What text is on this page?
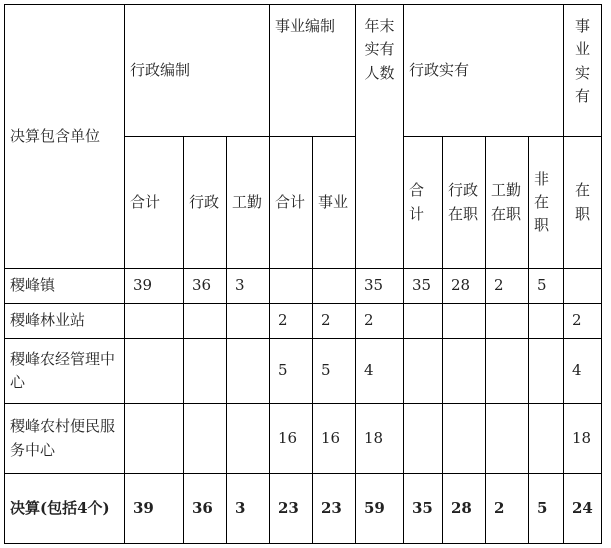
决算包含单位	行政编制			事业编制		年末实有人数	行政实有				事业实有
	合计	行政	工勤	合计	事业		合计	行政在职	工勤在职	非在职	在职
稷峰镇	39	36	3			35	35	28	2	5	
稷峰林业站				2	2	2					2
稷峰农经管理中心				5	5	4					4
稷峰农村便民服务中心				16	16	18					18
决算(包括4个)	39	36	3	23	23	59	35	28	2	5	24
